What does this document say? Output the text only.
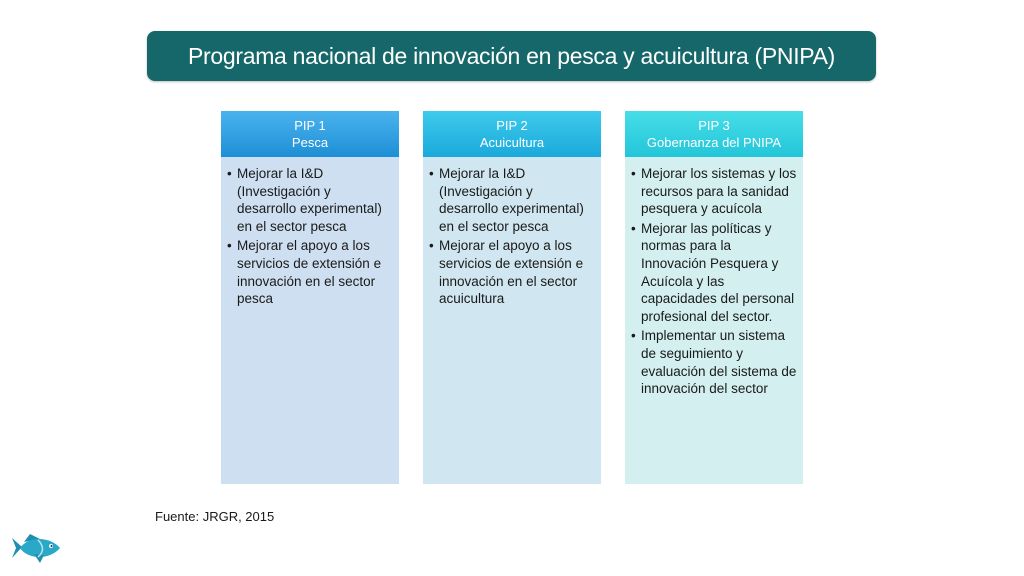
Programa nacional de innovación en pesca y acuicultura (PNIPA)
PIP 1
Pesca
• Mejorar la I&D (Investigación y desarrollo experimental) en el sector pesca
• Mejorar el apoyo a los servicios de extensión e innovación en el sector pesca
PIP 2
Acuicultura
• Mejorar la I&D (Investigación y desarrollo experimental) en el sector pesca
• Mejorar el apoyo a los servicios de extensión e innovación en el sector acuicultura
PIP 3
Gobernanza del PNIPA
• Mejorar los sistemas y los recursos para la sanidad pesquera y acuícola
• Mejorar las políticas y normas para la Innovación Pesquera y Acuícola y las capacidades del personal profesional del sector.
• Implementar un sistema de seguimiento y evaluación del sistema de innovación del sector
Fuente: JRGR, 2015
